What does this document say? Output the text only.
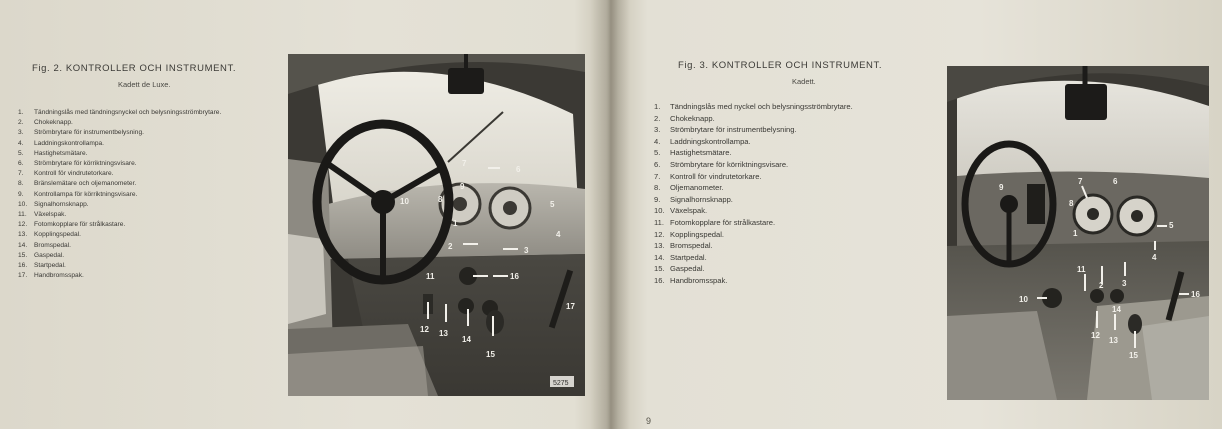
Fig. 2. KONTROLLER OCH INSTRUMENT.
Kadett de Luxe.
1. Tändningslås med tändningsnyckel och belysningsströmbrytare.
2. Chokeknapp.
3. Strömbrytare för instrumentbelysning.
4. Laddningskontrollampa.
5. Hastighetsmätare.
6. Strömbrytare för körriktningsvisare.
7. Kontroll för vindrutetorkare.
8. Bränslemätare och oljemanometer.
9. Kontrollampa för körriktningsvisare.
10. Signalhornsknapp.
11. Växelspak.
12. Fotomkopplare för strålkastare.
13. Kopplingspedal.
14. Bromspedal.
15. Gaspedal.
16. Startpedal.
17. Handbromsspak.
10
7
6
9
8
5
1
4
2	3
11	16
17
12 13
14
15
5275
Fig. 3. KONTROLLER OCH INSTRUMENT.
Kadett.
1. Tändningslås med nyckel och belysningsströmbrytare.
2. Chokeknapp.
3. Strömbrytare för instrumentbelysning.
4. Laddningskontrollampa.
5. Hastighetsmätare.
6. Strömbrytare för körriktningsvisare.
7. Kontroll för vindrutetorkare.
8. Oljemanometer.
9. Signalhornsknapp.
10. Växelspak.
11. Fotomkopplare för strålkastare.
12. Kopplingspedal.
13. Bromspedal.
14. Startpedal.
15. Gaspedal.
16. Handbromsspak.
9
8
7	6
5
1
4
11
2 3
10
16
14
12
13
15
9
